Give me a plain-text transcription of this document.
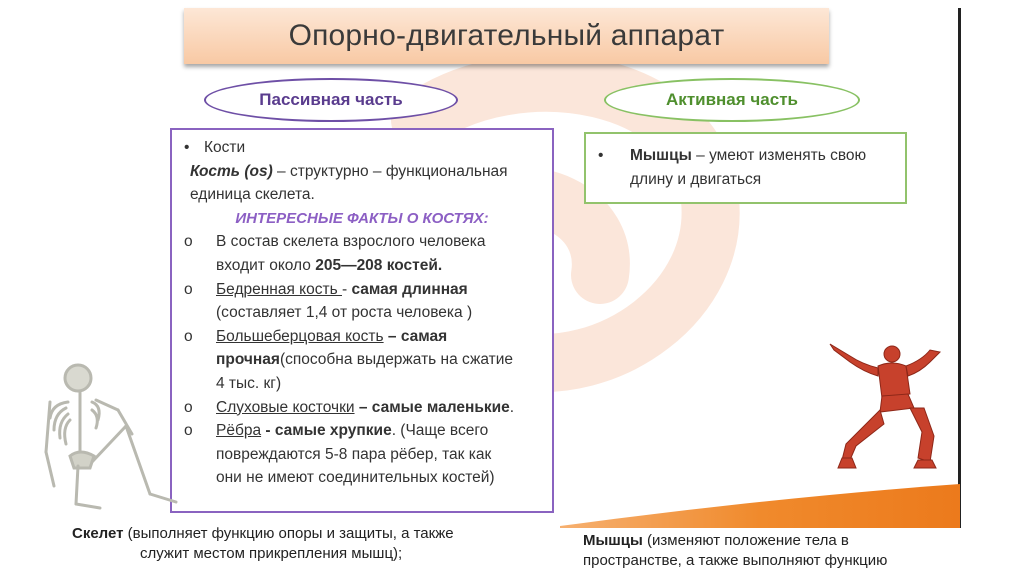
Опорно-двигательный аппарат
Пассивная часть	Активная часть
• Кости
Кость (os) – структурно – функциональная
единица скелета.
ИНТЕРЕСНЫЕ ФАКТЫ О КОСТЯХ:
o	В состав скелета взрослого человека
входит около 205—208 костей.
o	Бедренная кость - самая длинная
(составляет 1,4 от роста человека )
o	Большеберцовая кость – самая
прочная(способна выдержать на сжатие
4 тыс. кг)
o	Слуховые косточки – самые маленькие.
o	Рёбра - самые хрупкие. (Чаще всего
повреждаются 5-8 пара рёбер, так как
они не имеют соединительных костей)
•	Мышцы – умеют изменять свою
длину и двигаться
Скелет (выполняет функцию опоры и защиты, а также
служит местом прикрепления мышц);
Мышцы (изменяют положение тела в
пространстве, а также выполняют функцию
